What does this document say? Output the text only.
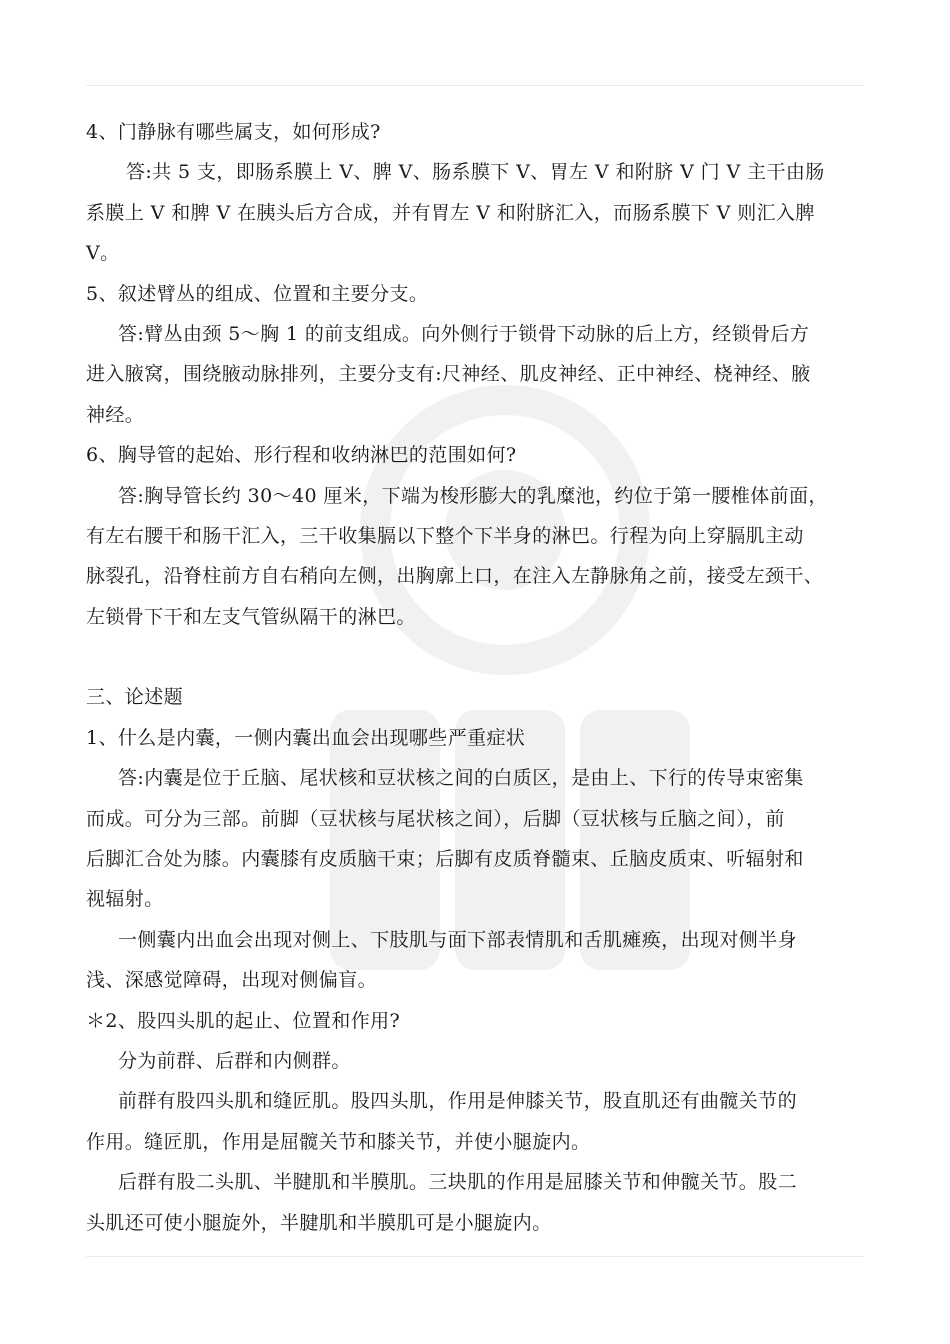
4、门静脉有哪些属支，如何形成?

答:共 5 支，即肠系膜上 V、脾 V、肠系膜下 V、胃左 V 和附脐 V 门 V 主干由肠

系膜上 V 和脾 V 在胰头后方合成，并有胃左 V 和附脐汇入，而肠系膜下 V 则汇入脾

V。

5、叙述臂丛的组成、位置和主要分支。

答:臂丛由颈 5～胸 1 的前支组成。向外侧行于锁骨下动脉的后上方，经锁骨后方

进入腋窝，围绕腋动脉排列，主要分支有:尺神经、肌皮神经、正中神经、桡神经、腋

神经。

6、胸导管的起始、形行程和收纳淋巴的范围如何?

答:胸导管长约 30～40 厘米，下端为梭形膨大的乳糜池，约位于第一腰椎体前面，

有左右腰干和肠干汇入，三干收集膈以下整个下半身的淋巴。行程为向上穿膈肌主动

脉裂孔，沿脊柱前方自右稍向左侧，出胸廓上口，在注入左静脉角之前，接受左颈干、

左锁骨下干和左支气管纵隔干的淋巴。

三、论述题

1、什么是内囊，一侧内囊出血会出现哪些严重症状

答:内囊是位于丘脑、尾状核和豆状核之间的白质区，是由上、下行的传导束密集

而成。可分为三部。前脚（豆状核与尾状核之间），后脚（豆状核与丘脑之间），前

后脚汇合处为膝。内囊膝有皮质脑干束；后脚有皮质脊髓束、丘脑皮质束、听辐射和

视辐射。

一侧囊内出血会出现对侧上、下肢肌与面下部表情肌和舌肌瘫痪，出现对侧半身

浅、深感觉障碍，出现对侧偏盲。

＊2、股四头肌的起止、位置和作用?

分为前群、后群和内侧群。

前群有股四头肌和缝匠肌。股四头肌，作用是伸膝关节，股直肌还有曲髋关节的

作用。缝匠肌，作用是屈髋关节和膝关节，并使小腿旋内。

后群有股二头肌、半腱肌和半膜肌。三块肌的作用是屈膝关节和伸髋关节。股二

头肌还可使小腿旋外，半腱肌和半膜肌可是小腿旋内。
